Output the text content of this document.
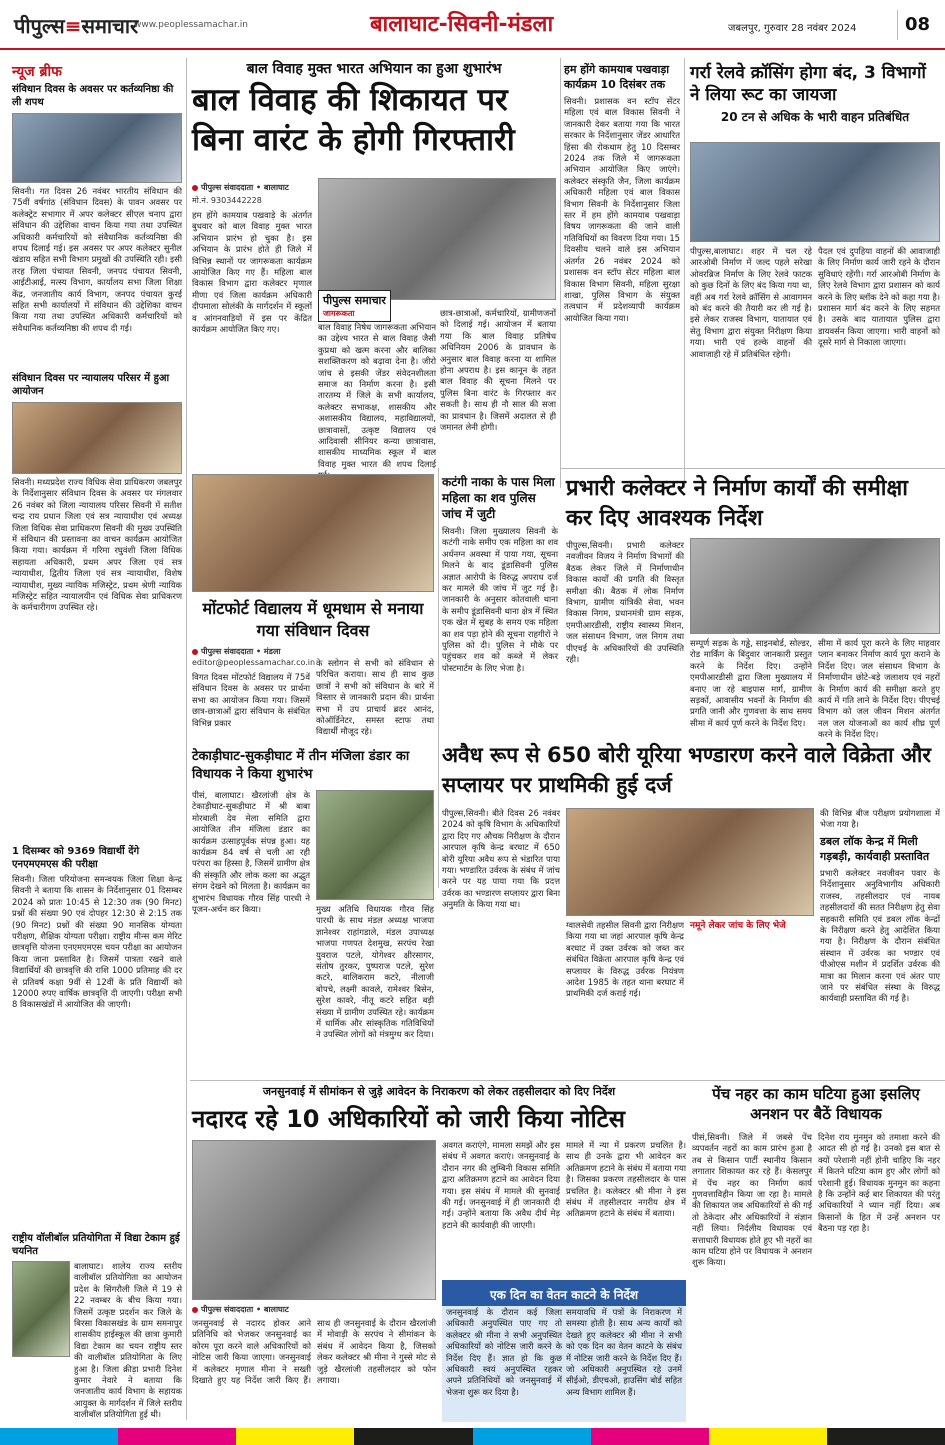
पीपुल्स≡समाचार
www.peoplessamachar.in	बालाघाट-सिवनी-मंडला	जबलपुर, गुरुवार 28 नवंबर 2024	08
न्यूज ब्रीफ
संविधान दिवस के अवसर पर कर्तव्यनिष्ठा की ली शपथ
सिवनी। गत दिवस 26 नवंबर भारतीय संविधान की 75वीं वर्षगांठ (संविधान दिवस) के पावन अवसर पर कलेक्ट्रेट सभागार में अपर कलेक्टर सीएल चनाप द्वारा संविधान की उद्देशिका वाचन किया गया तथा उपस्थित अधिकारी कर्मचारियों को संवैधानिक कर्तव्यनिष्ठा की शपथ दिलाई गई। इस अवसर पर अपर कलेक्टर सुनील खंडाय सहित सभी विभाग प्रमुखों की उपस्थिति रही। इसी तरह जिला पंचायत सिवनी, जनपद पंचायत सिवनी, आईटीआई, मत्स्य विभाग, कार्यालय सभा जिला शिक्षा केंद्र, जनजातीय कार्य विभाग, जनपद पंचायत कुरई सहित सभी कार्यालयों में संविधान की उद्देशिका वाचन किया गया तथा उपस्थित अधिकारी कर्मचारियों को संवैधानिक कर्तव्यनिष्ठा की शपथ दी गई।
संविधान दिवस पर न्यायालय परिसर में हुआ आयोजन
सिवनी। मध्यप्रदेश राज्य विधिक सेवा प्राधिकरण जबलपुर के निर्देशानुसार संविधान दिवस के अवसर पर मंगलवार 26 नवंबर को जिला न्यायालय परिसर सिवनी में सतीश चन्द्र राय प्रधान जिला एवं सत्र न्यायाधीश एवं अध्यक्ष जिला विधिक सेवा प्राधिकरण सिवनी की मुख्य उपस्थिति में संविधान की प्रस्तावना का वाचन कार्यक्रम आयोजित किया गया। कार्यक्रम में गरिमा रघुवंशी जिला विधिक सहायता अधिकारी, प्रथम अपर जिला एवं सत्र न्यायाधीश, द्वितीय जिला एवं सत्र न्यायाधीश, विशेष न्यायाधीश, मुख्य न्यायिक मजिस्ट्रेट, प्रथम श्रेणी न्यायिक मजिस्ट्रेट सहित न्यायालयीन एवं विधिक सेवा प्राधिकरण के कर्मचारीगण उपस्थित रहे।
1 दिसम्बर को 9369 विद्यार्थी देंगे एनएमएमएस की परीक्षा
सिवनी। जिला परियोजना समन्वयक जिला शिक्षा केन्द्र सिवनी ने बताया कि शासन के निर्देशानुसार 01 दिसम्बर 2024 को प्रातः 10:45 से 12:30 तक (90 मिनट) प्रश्नों की संख्या 90 एवं दोपहर 12:30 से 2:15 तक (90 मिनट) प्रश्नों की संख्या 90 मानसिक योग्यता परीक्षण, शैक्षिक योग्यता परीक्षा। राष्ट्रीय मीन्स कम मेरिट छात्रवृत्ति योजना एनएमएमएस चयन परीक्षा का आयोजन किया जाना प्रस्तावित है। जिसमें पात्रता रखने वाले विद्यार्थियों की छात्रवृत्ति की राशि 1000 प्रतिमाह की दर से प्रतिवर्ष कक्षा 9वीं से 12वीं के प्रति विद्यार्थी को 12000 रुपए वार्षिक छात्रवृत्ति दी जाएगी। परीक्षा सभी 8 विकासखंडों में आयोजित की जाएगी।
राष्ट्रीय वॉलीबॉल प्रतियोगिता में विद्या टेकाम हुई चयनित
बालाघाट। शालेय राज्य स्तरीय वालीबॉल प्रतियोगिता का आयोजन प्रदेश के सिंगरौली जिले में 19 से 22 नवम्बर के बीच किया गया। जिसमें उत्कृष्ट प्रदर्शन कर जिले के बिरसा विकासखंड के ग्राम समनापुर शासकीय हाईस्कूल की छात्रा कुमारी विद्या टेकाम का चयन राष्ट्रीय स्तर की वालीबॉल प्रतियोगिता के लिए हुआ है। जिला क्रीड़ा प्रभारी दिनेश कुमार नेवारे ने बताया कि जनजातीय कार्य विभाग के सहायक आयुक्त के मार्गदर्शन में जिले स्तरीय वालीबॉल प्रतियोगिता हुई थी।
बाल विवाह मुक्त भारत अभियान का हुआ शुभारंभ
बाल विवाह की शिकायत पर बिना वारंट के होगी गिरफ्तारी
पीपुल्स संवाददाता • बालाघाट
मो.नं. 9303442228
हम होंगे कामयाब पखवाड़े के अंतर्गत बुधवार को बाल विवाह मुक्त भारत अभियान प्रारंभ हो चुका है। इस अभियान के प्रारंभ होते ही जिले में विभिन्न स्थानों पर जागरूकता कार्यक्रम आयोजित किए गए हैं। महिला बाल विकास विभाग द्वारा कलेक्टर मृणाल मीणा एवं जिला कार्यक्रम अधिकारी दीपमाला सोलंकी के मार्गदर्शन में स्कूलों व आंगनवाड़ियों में इस पर केंद्रित कार्यक्रम आयोजित किए गए।
पीपुल्स समाचार
जागरूकता
बाल विवाह निषेध जागरूकता अभियान का उद्देश्य भारत से बाल विवाह जैसी कुप्रथा को खत्म करना और बालिका सशक्तिकरण को बढ़ावा देना है। जीरो जांच से इसकी जेंडर संवेदनशीलता समाज का निर्माण करना है। इसी तारतम्य में जिले के सभी कार्यालय, कलेक्टर सभाकक्ष, शासकीय और अशासकीय विद्यालय, महाविद्यालयों, छात्रावासों, उत्कृष्ट विद्यालय एवं आदिवासी सीनियर कन्या छात्रावास, शासकीय माध्यमिक स्कूल में बाल विवाह मुक्त भारत की शपथ दिलाई
छात्र-छात्राओं, कर्मचारियों, ग्रामीणजनों को दिलाई गई। आयोजन में बताया गया कि बाल विवाह प्रतिषेध अधिनियम 2006 के प्रावधान के अनुसार बाल विवाह करना या शामिल होना अपराध है। इस कानून के तहत बाल विवाह की सूचना मिलने पर पुलिस बिना वारंट के गिरफ्तार कर सकती है। साथ ही नौ साल की सजा का प्रावधान है। जिसमें अदालत से ही जमानत लेनी होगी।
हम होंगे कामयाब पखवाड़ा कार्यक्रम 10 दिसंबर तक
सिवनी। प्रशासक वन स्टॉप सेंटर महिला एवं बाल विकास सिवनी ने जानकारी देकर बताया गया कि भारत सरकार के निर्देशानुसार जेंडर आधारित हिंसा की रोकथाम हेतु 10 दिसम्बर 2024 तक जिले में जागरूकता अभियान आयोजित किए जाएंगे। कलेक्टर संस्कृति जैन, जिला कार्यक्रम अधिकारी महिला एवं बाल विकास विभाग सिवनी के निर्देशानुसार जिला स्तर में हम होंगे कामयाब पखवाड़ा विषय जागरूकता की जाने वाली गतिविधियों का विवरण दिया गया। 15 दिवसीय चलने वाले इस अभियान अंतर्गत 26 नवंबर 2024 को प्रशासक वन स्टॉप सेंटर महिला बाल विकास विभाग सिवनी, महिला सुरक्षा शाखा, पुलिस विभाग के संयुक्त तत्वधान में प्रदेशव्यापी कार्यक्रम आयोजित किया गया।
गर्रा रेलवे क्रॉसिंग होगा बंद, 3 विभागों ने लिया रूट का जायजा
20 टन से अधिक के भारी वाहन प्रतिबंधित
पीपुल्स,बालाघाट। शहर में चल रहे आरओबी निर्माण में जल्द पहले सरेखा ओवरब्रिज निर्माण के लिए रेलवे फाटक को कुछ दिनों के लिए बंद किया गया था, वहीं अब गर्रा रेलवे क्रॉसिंग से आवागमन को बंद करने की तैयारी कर ली गई है। इसे लेकर राजस्व विभाग, यातायात एवं सेतु विभाग द्वारा संयुक्त निरीक्षण किया गया। भारी एवं हल्के वाहनों की आवाजाही रहे में प्रतिबंधित रहेगी।
पैदल एवं दुपहिया वाहनों की आवाजाही के लिए निर्माण कार्य जारी रहने के दौरान सुविधाएं रहेंगी। गर्रा आरओबी निर्माण के लिए रेलवे विभाग द्वारा प्रशासन को कार्य करने के लिए ब्लॉक देने को कहा गया है। प्रशासन मार्ग बंद करने के लिए सहमत है। उसके बाद यातायात पुलिस द्वारा डायवर्सन किया जाएगा। भारी वाहनों को दूसरे मार्ग से निकाला जाएगा।
कटंगी नाका के पास मिला महिला का शव पुलिस जांच में जुटी
सिवनी। जिला मुख्यालय सिवनी के कटंगी नाके समीप एक महिला का शव अर्धनग्न अवस्था में पाया गया, सूचना मिलने के बाद डूंडासिवनी पुलिस अज्ञात आरोपी के विरुद्ध अपराध दर्ज कर मामले की जांच में जुट गई है। जानकारी के अनुसार कोतवाली थाना के समीप डूंडासिवनी थाना क्षेत्र में स्थित एक खेत में सुबह के समय एक महिला का शव पड़ा होने की सूचना राहगीरों ने पुलिस को दी। पुलिस ने मौके पर पहुंचकर शव को कब्जे में लेकर पोस्टमार्टम के लिए भेजा है।
प्रभारी कलेक्टर ने निर्माण कार्यों की समीक्षा कर दिए आवश्यक निर्देश
पीपुल्स,सिवनी। प्रभारी कलेक्टर नवजीवन विजय ने निर्माण विभागों की बैठक लेकर जिले में निर्माणाधीन विकास कार्यों की प्रगति की विस्तृत समीक्षा की। बैठक में लोक निर्माण विभाग, ग्रामीण यांत्रिकी सेवा, भवन विकास निगम, प्रधानमंत्री ग्राम सड़क, एमपीआरडीसी, राष्ट्रीय स्वास्थ्य मिशन, जल संसाधन विभाग, जल निगम तथा पीएचई के अधिकारियों की उपस्थिति रही।
सम्पूर्ण सड़क के गड्ढे, साइनबोर्ड, सोल्डर, रोड मार्किंग के बिंदुवार जानकारी प्रस्तुत करने के निर्देश दिए। उन्होंने एमपीआरडीसी द्वारा जिला मुख्यालय में बनाए जा रहे बाइपास मार्ग, ग्रामीण सड़कों, आवासीय भवनों के निर्माण की प्रगति जानी और गुणवत्ता के साथ समय सीमा में कार्य पूर्ण करने के निर्देश दिए।
सीमा में कार्य पूरा करने के लिए माहवार प्लान बनाकर निर्माण कार्य पूरा कराने के निर्देश दिए। जल संसाधन विभाग के निर्माणाधीन छोटे-बड़े जलाशय एवं नहरों के निर्माण कार्य की समीक्षा करते हुए कार्य में गति लाने के निर्देश दिए। पीएचई विभाग को जल जीवन मिशन अंतर्गत नल जल योजनाओं का कार्य शीघ्र पूर्ण करने के निर्देश दिए।
मोंटफोर्ट विद्यालय में धूमधाम से मनाया गया संविधान दिवस
पीपुल्स संवाददाता • मंडला
editor@peoplessamachar.co.in
विगत दिवस मोंटफोर्ट विद्यालय में 75वें संविधान दिवस के अवसर पर प्रार्थना सभा का आयोजन किया गया। जिसमें छात्र-छात्राओं द्वारा संविधान के संबंधित विभिन्न प्रकार
के स्लोगन से सभी को संविधान से परिचित कराया। साथ ही साथ कुछ छात्रों ने सभी को संविधान के बारे में विस्तार से जानकारी प्रदान की। प्रार्थना सभा में उप प्राचार्य ब्रदर आनंद, कोऑर्डिनेटर, समस्त स्टाफ तथा विद्यार्थी मौजूद रहे।
टेकाड़ीघाट-सुकड़ीघाट में तीन मंजिला डंडार का विधायक ने किया शुभारंभ
पीसं, बालाघाट। खैरलांजी क्षेत्र के टेकाड़ीघाट-सुकड़ीघाट में श्री बाबा मोरबाली देव मेला समिति द्वारा आयोजित तीन मंजिला डंडार का कार्यक्रम उत्साहपूर्वक संपन्न हुआ। यह कार्यक्रम 84 वर्ष से चली आ रही परंपरा का हिस्सा है, जिसमें ग्रामीण क्षेत्र की संस्कृति और लोक कला का अद्भुत संगम देखने को मिलता है। कार्यक्रम का शुभारंभ विधायक गौरव सिंह पारधी ने पूजन-अर्चन कर किया।	मुख्य अतिथि विधायक गौरव सिंह पारधी के साथ मंडल अध्यक्ष भाजपा ज्ञानेश्वर राहांगडाले, मंडल उपाध्यक्ष भाजपा गणपत देशमुख, सरपंच रेखा युवराज पटले, योगेश्वर क्षीरसागर, संतोष तुरकर, पुष्पराज पटले, सुरेश कटरे, बालिकराम कटरे, नीलाजी बोपचे, लक्ष्मी कावले, रामेश्वर बिसेन, सुरेश कावरे, नीतू कटरे सहित बड़ी संख्या में ग्रामीण उपस्थित रहे। कार्यक्रम में धार्मिक और सांस्कृतिक गतिविधियों ने उपस्थित लोगों को मंत्रमुग्ध कर दिया।
अवैध रूप से 650 बोरी यूरिया भण्डारण करने वाले विक्रेता और सप्लायर पर प्राथमिकी हुई दर्ज
पीपुल्स,सिवनी। बीते दिवस 26 नवंबर 2024 को कृषि विभाग के अधिकारियों द्वारा दिए गए औचक निरीक्षण के दौरान आरपाल कृषि केन्द्र बरघाट में 650 बोरी यूरिया अवैध रूप से भंडारित पाया गया। भण्डारित उर्वरक के संबंध में जांच करने पर यह पाया गया कि प्रदत्त उर्वरक का भण्डारण सप्लायर द्वारा बिना अनुमति के किया गया था।
ग्वालसेवी तहसील सिवनी द्वारा निरीक्षण किया गया था जहां आरपाल कृषि केन्द्र बरघाट में उक्त उर्वरक को जब्त कर संबंधित विक्रेता आरपाल कृषि केन्द्र एवं सप्लायर के विरुद्ध उर्वरक नियंत्रण आदेश 1985 के तहत थाना बरघाट में प्राथमिकी दर्ज कराई गई।
नमूने लेकर जांच के लिए भेजे
की विभिन्न बीज परीक्षण प्रयोगशाला में भेजा गया है।
डबल लॉक केन्द्र में मिली गड़बड़ी, कार्यवाही प्रस्तावित
प्रभारी कलेक्टर नवजीवन पवार के निर्देशानुसार अनुविभागीय अधिकारी राजस्व, तहसीलदार एवं नायब तहसीलदारों की सतत निरीक्षण हेतु सेवा सहकारी समिति एवं डबल लॉक केन्द्रों के निरीक्षण करने हेतु आदेशित किया गया है। निरीक्षण के दौरान संबंधित संस्थान में उर्वरक का भण्डार एवं पीओएस मशीन में प्रदर्शित उर्वरक की मात्रा का मिलान करना एवं अंतर पाए जाने पर संबंधित संस्था के विरुद्ध कार्यवाही प्रस्तावित की गई है।
जनसुनवाई में सीमांकन से जुड़े आवेदन के निराकरण को लेकर तहसीलदार को दिए निर्देश
नदारद रहे 10 अधिकारियों को जारी किया नोटिस
पीपुल्स संवाददाता • बालाघाट
जनसुनवाई से नदारद होकर आने प्रतिनिधि को भेजकर जनसुनवाई का कोरम पूरा करने वाले अधिकारियों को नोटिस जारी किया जाएगा। जनसुनवाई में कलेक्टर मृणाल मीना ने सख्ती दिखाते हुए यह निर्देश जारी किए हैं। साथ ही जनसुनवाई के दौरान खैरलांजी में मोवाड़ी के सरपंच ने सीमांकन के संबंध में आवेदन किया है, जिसको लेकर कलेक्टर श्री मीना ने गुस्से मोट से जुड़े खैरलांजी तहसीलदार को फोन लगाया।
अवगत कराएंगे, मामला समझें और इस संबंध में अवगत कराएं। जनसुनवाई के दौरान नगर की लुम्बिनी विकास समिति द्वारा अतिक्रमण हटाने का आवेदन दिया गया। इस संबंध में मामले की सुनवाई की गई। जनसुनवाई में ही जानकारी दी गई। उन्होंने बताया कि अवैध दीर्घ मेड़ हटाने की कार्यवाही की जाएगी।
मामले में न्या में प्रकरण प्रचलित है। साथ ही उनके द्वारा भी आवेदन कर अतिक्रमण हटाने के संबंध में बताया गया है। जिसका प्रकरण तहसीलदार के पास प्रचलित है। कलेक्टर श्री मीना ने इस संबंध में तहसीलदार नगरीय क्षेत्र में अतिक्रमण हटाने के संबंध में बताया।
एक दिन का वेतन काटने के निर्देश
जनसुनवाई के दौरान कई जिला अधिकारी अनुपस्थित पाए गए तो कलेक्टर श्री मीना ने सभी अनुपस्थित अधिकारियों को नोटिस जारी करने के निर्देश दिए हैं। ज्ञात हो कि कुछ अधिकारी स्वयं अनुपस्थित रहकर अपने प्रतिनिधियों को जनसुनवाई में भेजना शुरू कर दिया है।
समयावधि में पत्रों के निराकरण में समस्या होती है। साथ अन्य कार्यों को देखते हुए कलेक्टर श्री मीना ने सभी को एक दिन का वेतन काटने के संबंध में नोटिस जारी करने के निर्देश दिए हैं। जो अधिकारी अनुपस्थित रहे उनमें सीईओ, डीएचओ, हाउसिंग बोर्ड सहित अन्य विभाग शामिल हैं।
पेंच नहर का काम घटिया हुआ इसलिए अनशन पर बैठें विधायक
पीसं,सिवनी। जिले में जबसे पेंच व्यपवर्तन नहरों का काम प्रारंभ हुआ है तब से किसान पार्टी स्थानीय किसान लगातार शिकायत कर रहे हैं। केसलपुर में पेंच नहर का निर्माण कार्य गुणवत्ताविहीन किया जा रहा है। मामले की शिकायत जब अधिकारियों से की गई तो ठेकेदार और अधिकारियों ने संज्ञान नहीं लिया। निर्दलीय विधायक एवं सत्ताधारी विधायक होते हुए भी नहरों का काम घटिया होने पर विधायक ने अनशन शुरू किया।
दिनेश राय मुनमुन को तमाशा करने की आदत सी हो गई है। उनको इस बात से क्यों परेशानी नहीं होनी चाहिए कि नहर में कितने घटिया काम हुए और लोगों को परेशानी हुई। विधायक मुनमुन का कहना है कि उन्होंने कई बार शिकायत की परंतु अधिकारियों ने ध्यान नहीं दिया। अब किसानों के हित में उन्हें अनशन पर बैठना पड़ रहा है।
